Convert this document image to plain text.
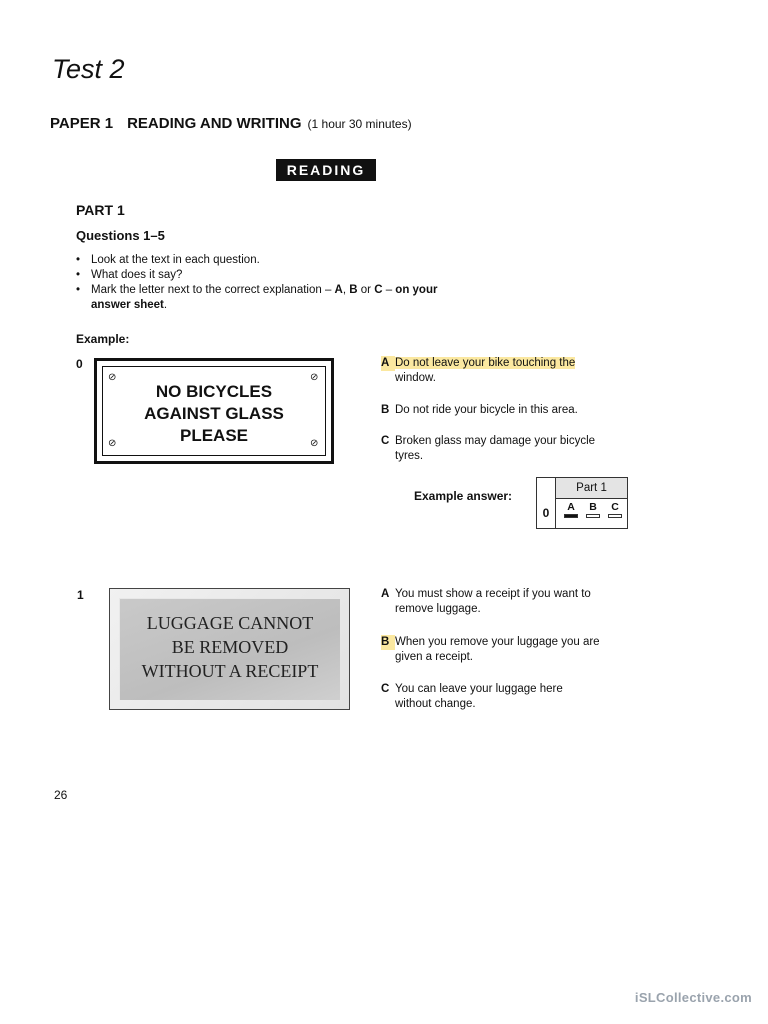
Test 2
PAPER 1 READING AND WRITING (1 hour 30 minutes)
READING
PART 1
Questions 1–5
• Look at the text in each question.
• What does it say?
• Mark the letter next to the correct explanation – A, B or C – on your
answer sheet.
Example:
0
⊘	⊘
⊘	⊘
NO BICYCLES
AGAINST GLASS
PLEASE
A Do not leave your bike touching the
window.
B Do not ride your bicycle in this area.
C Broken glass may damage your bicycle
tyres.
Example answer:
Part 1
0	A	B	C
1
LUGGAGE CANNOT
BE REMOVED
WITHOUT A RECEIPT
A You must show a receipt if you want to
remove luggage.
B When you remove your luggage you are
given a receipt.
C You can leave your luggage here
without change.
26
iSLCollective.com
